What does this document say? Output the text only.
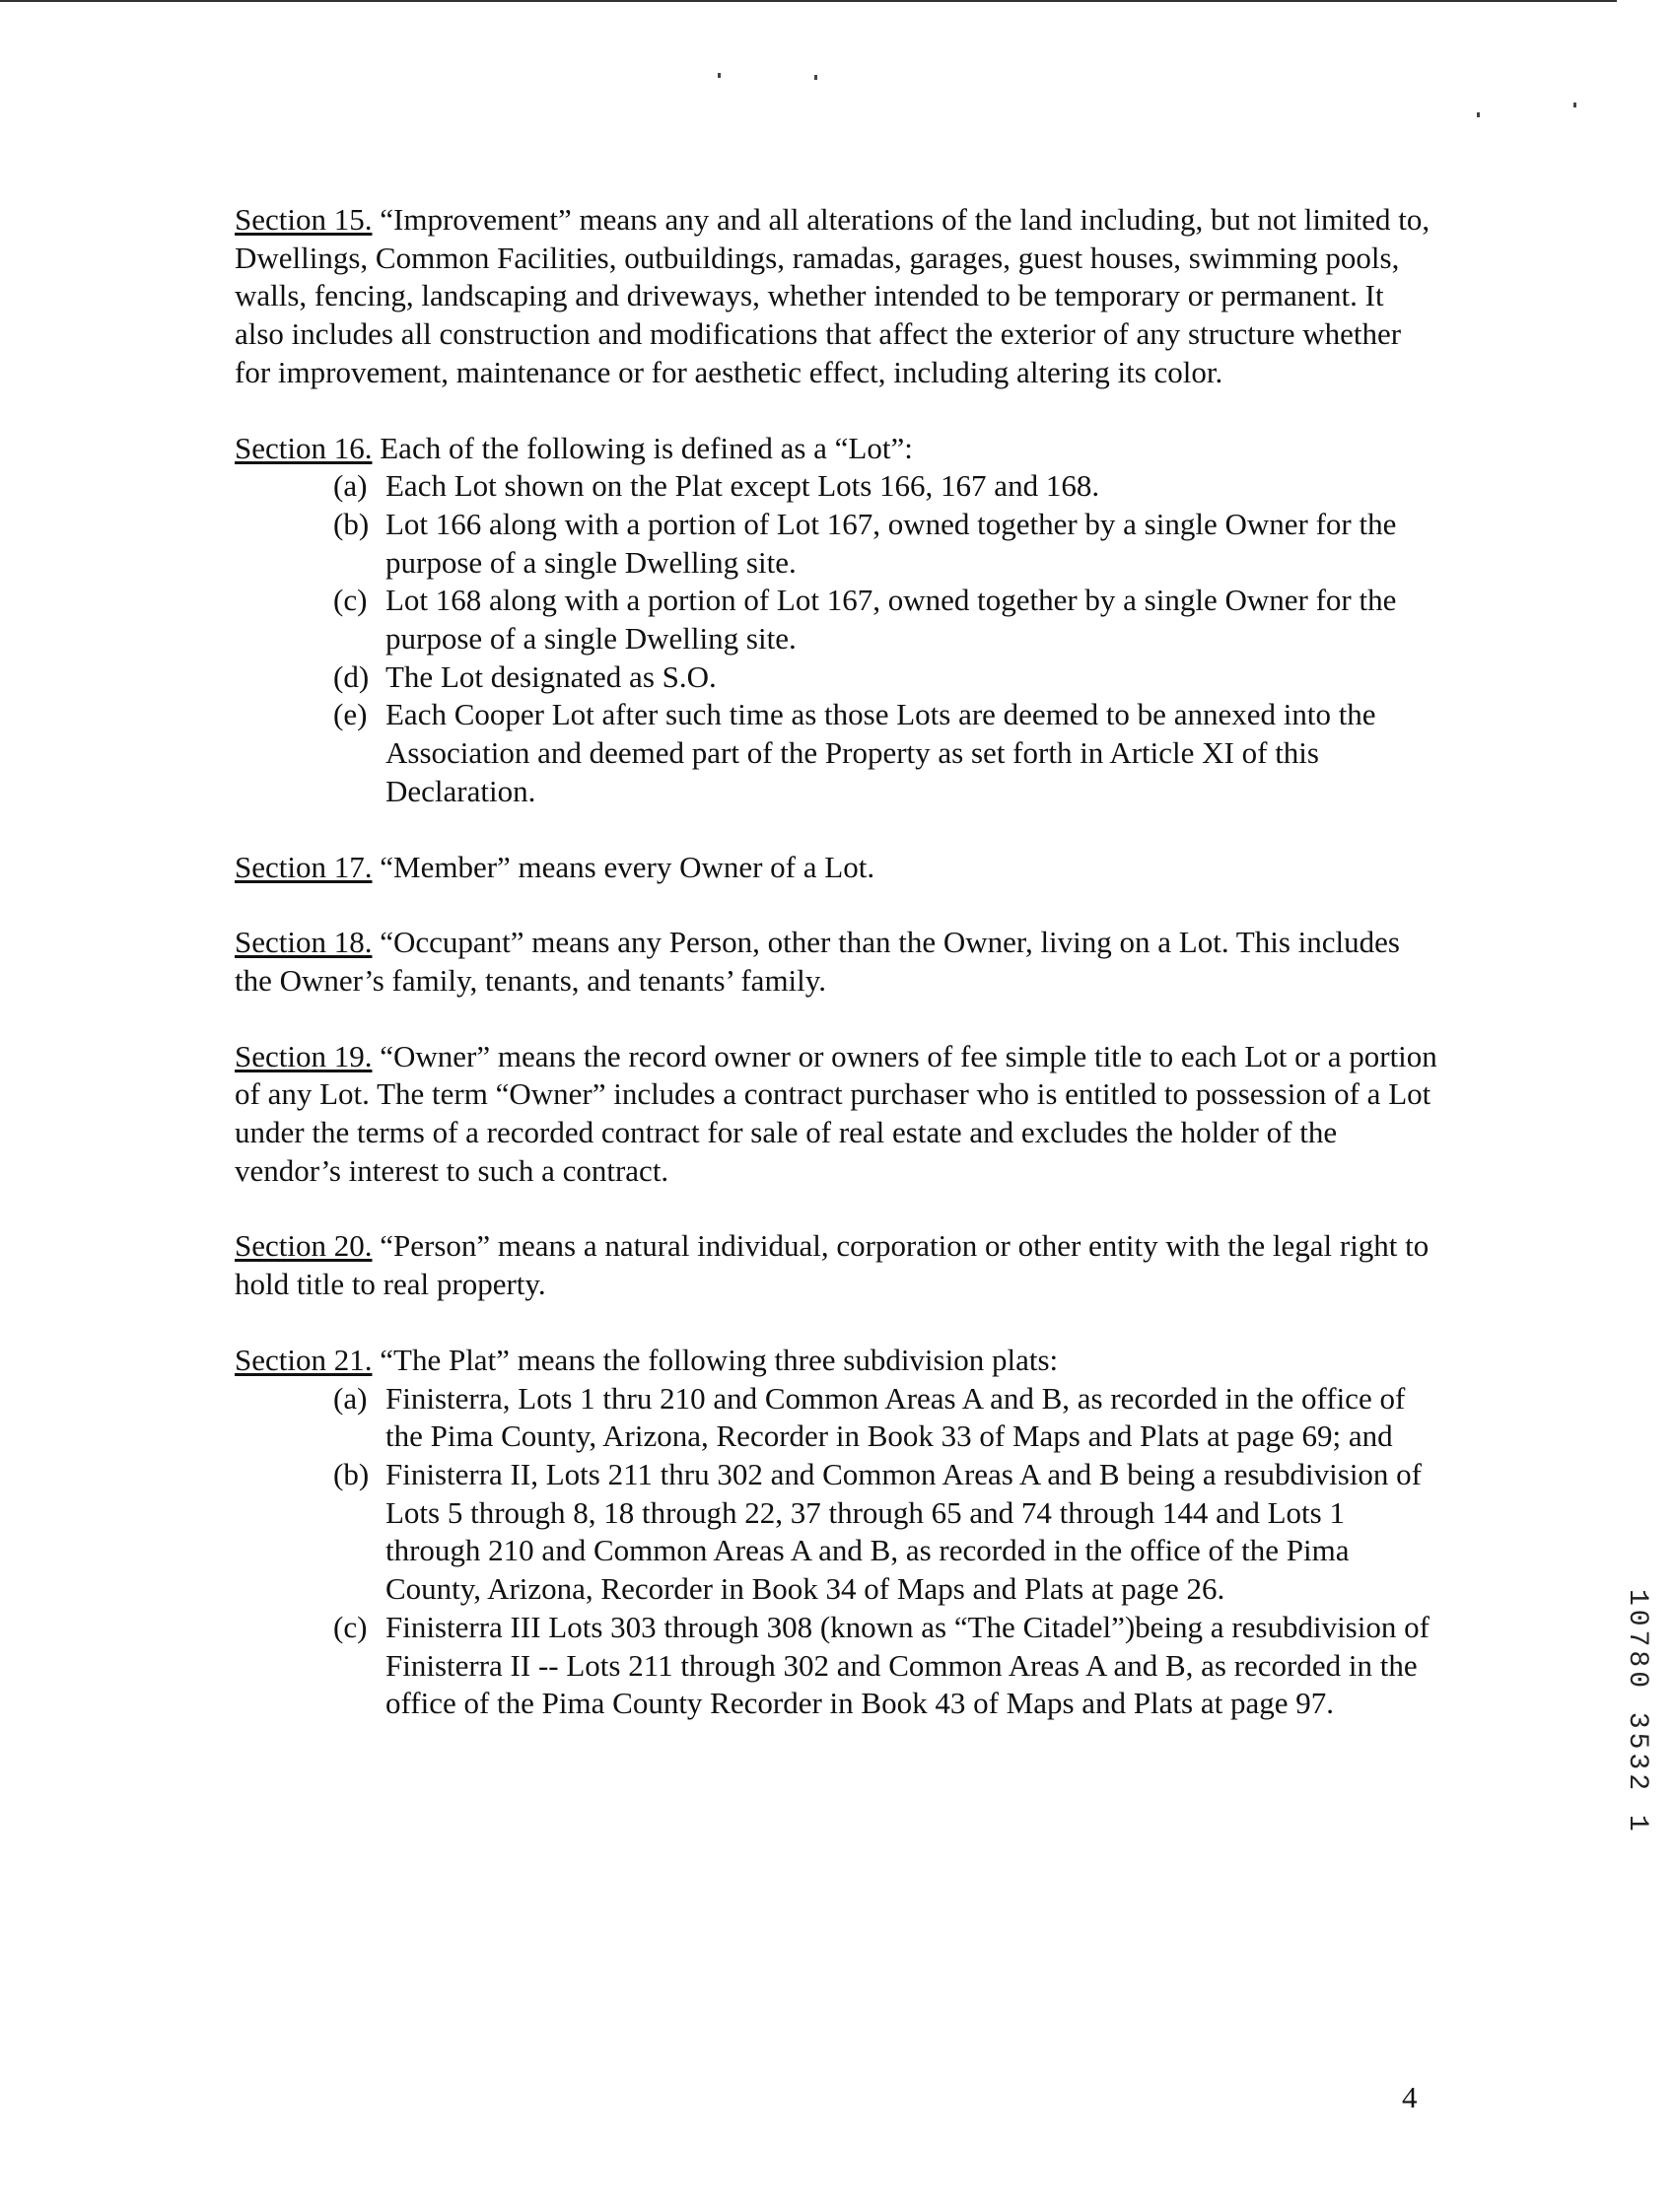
Section 15. “Improvement” means any and all alterations of the land including, but not limited to, Dwellings, Common Facilities, outbuildings, ramadas, garages, guest houses, swimming pools, walls, fencing, landscaping and driveways, whether intended to be temporary or permanent. It also includes all construction and modifications that affect the exterior of any structure whether for improvement, maintenance or for aesthetic effect, including altering its color.

Section 16. Each of the following is defined as a “Lot”:

(a) Each Lot shown on the Plat except Lots 166, 167 and 168.
(b) Lot 166 along with a portion of Lot 167, owned together by a single Owner for the purpose of a single Dwelling site.
(c) Lot 168 along with a portion of Lot 167, owned together by a single Owner for the purpose of a single Dwelling site.
(d) The Lot designated as S.O.
(e) Each Cooper Lot after such time as those Lots are deemed to be annexed into the Association and deemed part of the Property as set forth in Article XI of this Declaration.

Section 17. “Member” means every Owner of a Lot.

Section 18. “Occupant” means any Person, other than the Owner, living on a Lot. This includes the Owner’s family, tenants, and tenants’ family.

Section 19. “Owner” means the record owner or owners of fee simple title to each Lot or a portion of any Lot. The term “Owner” includes a contract purchaser who is entitled to possession of a Lot under the terms of a recorded contract for sale of real estate and excludes the holder of the vendor’s interest to such a contract.

Section 20. “Person” means a natural individual, corporation or other entity with the legal right to hold title to real property.

Section 21. “The Plat” means the following three subdivision plats:

(a) Finisterra, Lots 1 thru 210 and Common Areas A and B, as recorded in the office of the Pima County, Arizona, Recorder in Book 33 of Maps and Plats at page 69; and
(b) Finisterra II, Lots 211 thru 302 and Common Areas A and B being a resubdivision of Lots 5 through 8, 18 through 22, 37 through 65 and 74 through 144 and Lots 1 through 210 and Common Areas A and B, as recorded in the office of the Pima County, Arizona, Recorder in Book 34 of Maps and Plats at page 26.
(c) Finisterra III Lots 303 through 308 (known as “The Citadel”)being a resubdivision of Finisterra II -- Lots 211 through 302 and Common Areas A and B, as recorded in the office of the Pima County Recorder in Book 43 of Maps and Plats at page 97.	10780 3532 1
4
